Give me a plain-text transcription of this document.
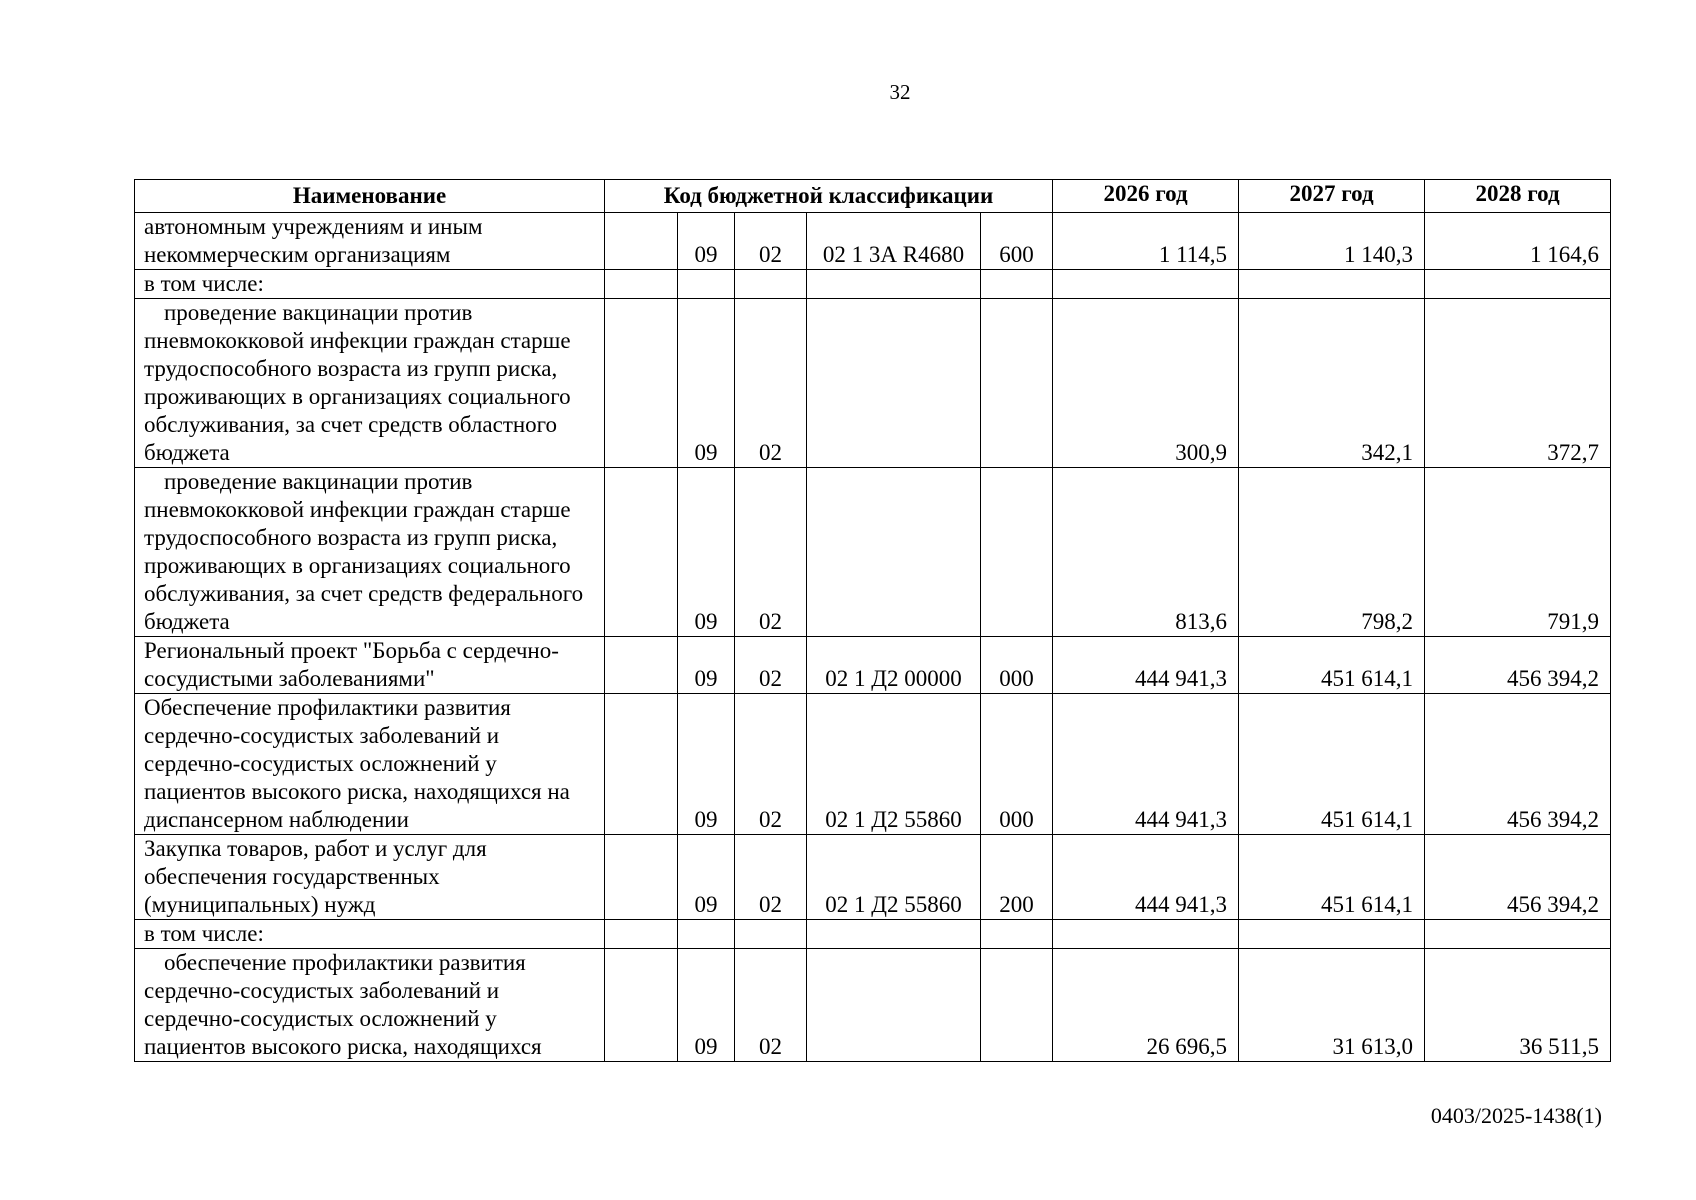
32
Наименование	Код бюджетной классификации					2026 год	2027 год	2028 год
автономным учреждениям и иным некоммерческим организациям		09	02	02 1 3А R4680	600	1 114,5	1 140,3	1 164,6
в том числе:								
проведение вакцинации против пневмококковой инфекции граждан старше трудоспособного возраста из групп риска, проживающих в организациях социального обслуживания, за счет средств областного бюджета		09	02			300,9	342,1	372,7
проведение вакцинации против пневмококковой инфекции граждан старше трудоспособного возраста из групп риска, проживающих в организациях социального обслуживания, за счет средств федерального бюджета		09	02			813,6	798,2	791,9
Региональный проект "Борьба с сердечно-сосудистыми заболеваниями"		09	02	02 1 Д2 00000	000	444 941,3	451 614,1	456 394,2
Обеспечение профилактики развития сердечно-сосудистых заболеваний и сердечно-сосудистых осложнений у пациентов высокого риска, находящихся на диспансерном наблюдении		09	02	02 1 Д2 55860	000	444 941,3	451 614,1	456 394,2
Закупка товаров, работ и услуг для обеспечения государственных (муниципальных) нужд		09	02	02 1 Д2 55860	200	444 941,3	451 614,1	456 394,2
в том числе:								
обеспечение профилактики развития сердечно-сосудистых заболеваний и сердечно-сосудистых осложнений у пациентов высокого риска, находящихся		09	02			26 696,5	31 613,0	36 511,5
0403/2025-1438(1)
